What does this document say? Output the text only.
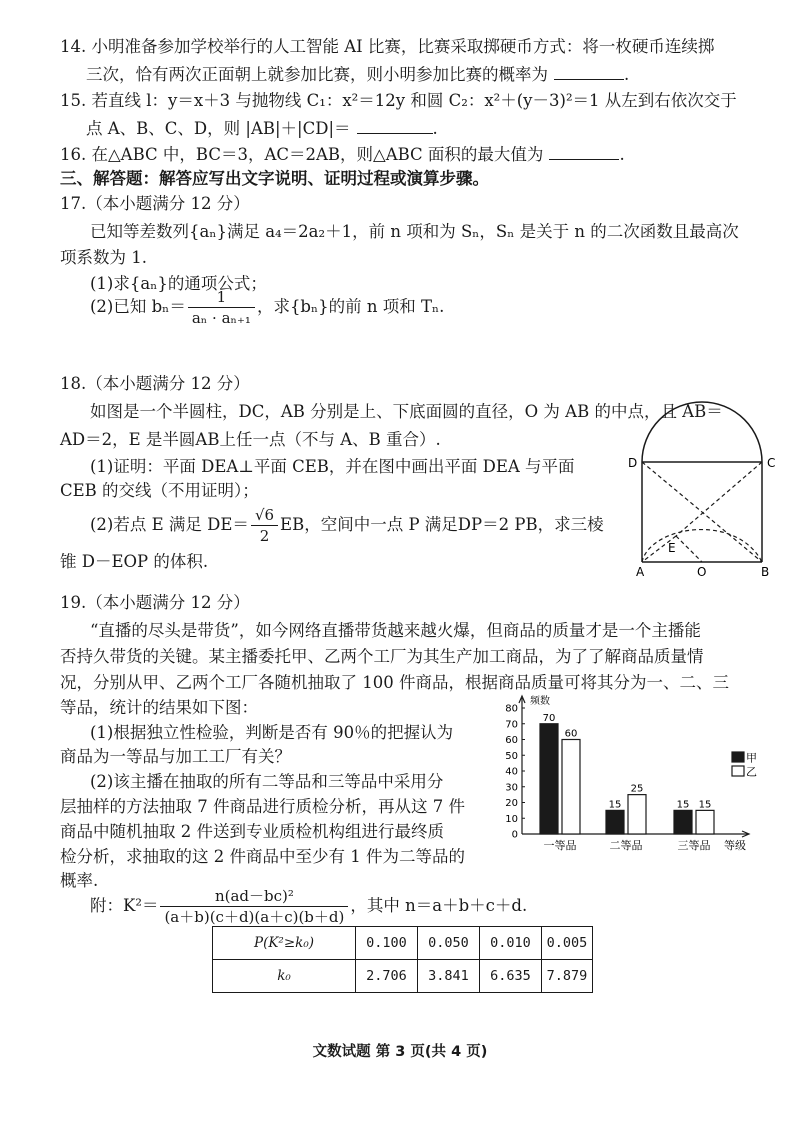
14. 小明准备参加学校举行的人工智能 AI 比赛，比赛采取掷硬币方式：将一枚硬币连续掷
三次，恰有两次正面朝上就参加比赛，则小明参加比赛的概率为	.
15. 若直线 l：y＝x＋3 与抛物线 C₁：x²＝12y 和圆 C₂：x²＋(y－3)²＝1 从左到右依次交于
点 A、B、C、D，则 |AB|＋|CD|＝	.
16. 在△ABC 中，BC＝3，AC＝2AB，则△ABC 面积的最大值为	.
三、解答题：解答应写出文字说明、证明过程或演算步骤。
17.（本小题满分 12 分）
已知等差数列{aₙ}满足 a₄＝2a₂＋1，前 n 项和为 Sₙ，Sₙ 是关于 n 的二次函数且最高次
项系数为 1.
(1)求{aₙ}的通项公式；
(2)已知 $b_n= \frac{1}{\text{aₙ · aₙ₊₁}}$ ，求{bₙ}的前 n 项和 Tₙ.
18.（本小题满分 12 分）
如图是一个半圆柱，DC，AB 分别是上、下底面圆的直径，O 为 AB 的中点，且 AB＝
AD＝2，E 是半圆AB上任一点（不与 A、B 重合）.
(1)证明：平面 DEA⊥平面 CEB，并在图中画出平面 DEA 与平面
CEB 的交线（不用证明）；
(2)若点 E 满足 $DE= \frac{√6}{2}$ EB，空间中一点 P 满足DP＝2 PB，求三棱
锥 D－EOP 的体积.
D	C
E
A	O	B
19.（本小题满分 12 分）
“直播的尽头是带货”，如今网络直播带货越来越火爆，但商品的质量才是一个主播能
否持久带货的关键。某主播委托甲、乙两个工厂为其生产加工商品，为了了解商品质量情
况，分别从甲、乙两个工厂各随机抽取了 100 件商品，根据商品质量可将其分为一、二、三
等品，统计的结果如下图：
(1)根据独立性检验，判断是否有 90％的把握认为
商品为一等品与加工工厂有关？
(2)该主播在抽取的所有二等品和三等品中采用分
层抽样的方法抽取 7 件商品进行质检分析，再从这 7 件
商品中随机抽取 2 件送到专业质检机构组进行最终质
检分析，求抽取的这 2 件商品中至少有 1 件为二等品的
概率.
0
10
20
30
40
50
60
70
80
频数
等级
一等品	二等品	三等品
70
60
15
25
15 15
甲
乙
附：$K^2= \frac{\text{n(ad－bc)²}}{(a+b)(c+d)(a+c)(b+d)}$ ，其中 n＝a＋b＋c＋d.
P(K²≥k₀)	0.100	0.050	0.010	0.005
k₀	2.706	3.841	6.635	7.879
文数试题 第 3 页(共 4 页)
